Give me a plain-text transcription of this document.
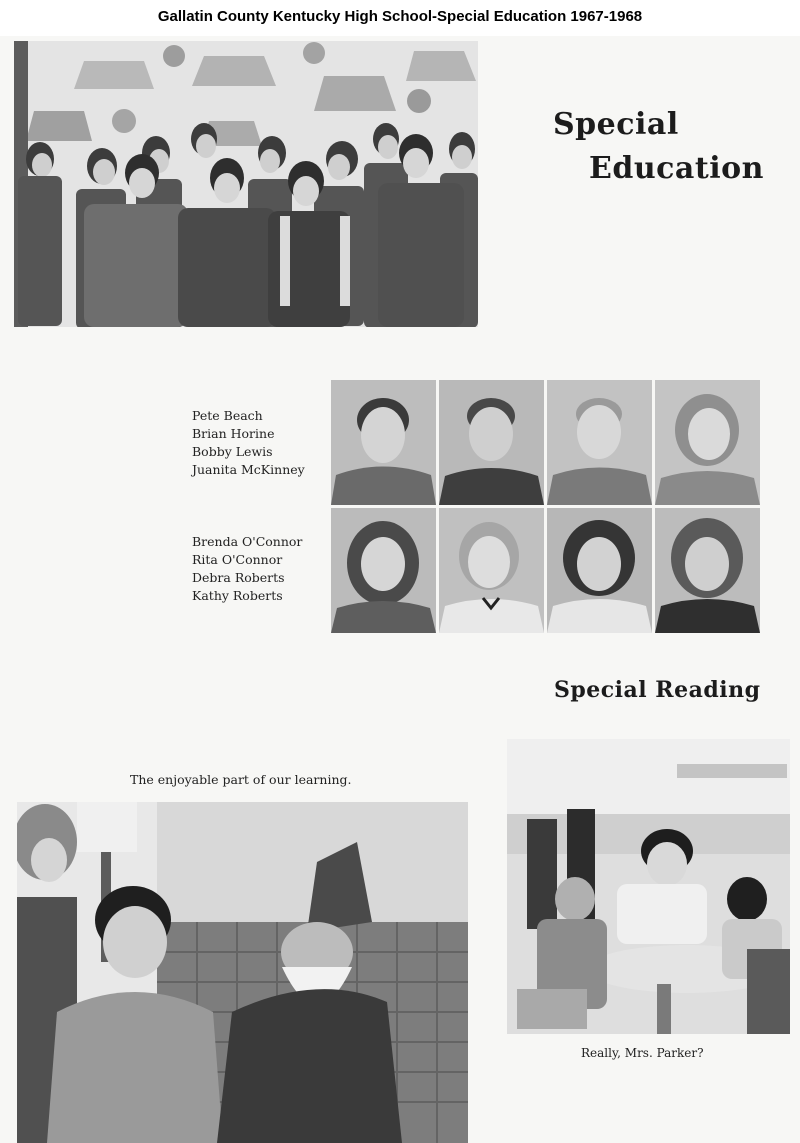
Gallatin County Kentucky High School-Special Education 1967-1968
Special
Education
Pete Beach
Brian Horine
Bobby Lewis
Juanita McKinney
Brenda O'Connor
Rita O'Connor
Debra Roberts
Kathy Roberts
Special Reading
The enjoyable part of our learning.
Really, Mrs. Parker?
